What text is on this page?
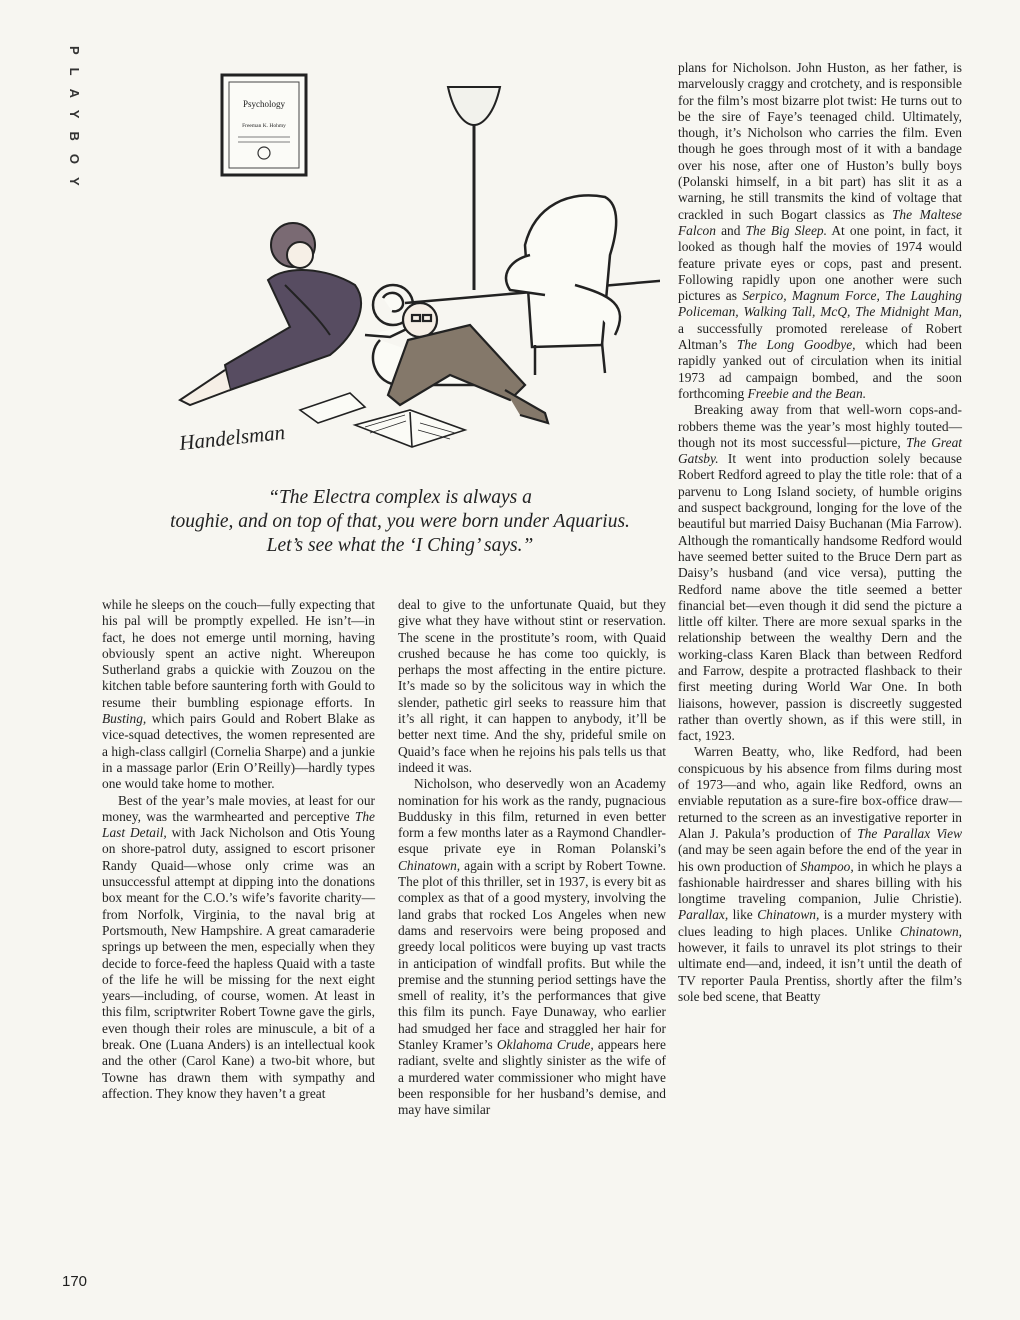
PLAYBOY	Psychology
Freeman K. Hohmy
Handelsman

“The Electra complex is always a

toughie, and on top of that, you were born under Aquarius.

Let’s see what the ‘I Ching’ says.”

while he sleeps on the couch—fully expecting that his pal will be promptly expelled. He isn’t—in fact, he does not emerge until morning, having obviously spent an active night. Whereupon Sutherland grabs a quickie with Zouzou on the kitchen table before sauntering forth with Gould to resume their bumbling espionage efforts. In Busting, which pairs Gould and Robert Blake as vice-squad detectives, the women represented are a high-class callgirl (Cornelia Sharpe) and a junkie in a massage parlor (Erin O’Reilly)—hardly types one would take home to mother.

Best of the year’s male movies, at least for our money, was the warmhearted and perceptive The Last Detail, with Jack Nicholson and Otis Young on shore-patrol duty, assigned to escort prisoner Randy Quaid—whose only crime was an unsuccessful attempt at dipping into the donations box meant for the C.O.’s wife’s favorite charity—from Norfolk, Virginia, to the naval brig at Portsmouth, New Hampshire. A great camaraderie springs up between the men, especially when they decide to force-feed the hapless Quaid with a taste of the life he will be missing for the next eight years—including, of course, women. At least in this film, scriptwriter Robert Towne gave the girls, even though their roles are minuscule, a bit of a break. One (Luana Anders) is an intellectual kook and the other (Carol Kane) a two-bit whore, but Towne has drawn them with sympathy and affection. They know they haven’t a great

deal to give to the unfortunate Quaid, but they give what they have without stint or reservation. The scene in the prostitute’s room, with Quaid crushed because he has come too quickly, is perhaps the most affecting in the entire picture. It’s made so by the solicitous way in which the slender, pathetic girl seeks to reassure him that it’s all right, it can happen to anybody, it’ll be better next time. And the shy, prideful smile on Quaid’s face when he rejoins his pals tells us that indeed it was.

Nicholson, who deservedly won an Academy nomination for his work as the randy, pugnacious Buddusky in this film, returned in even better form a few months later as a Raymond Chandler-esque private eye in Roman Polanski’s Chinatown, again with a script by Robert Towne. The plot of this thriller, set in 1937, is every bit as complex as that of a good mystery, involving the land grabs that rocked Los Angeles when new dams and reservoirs were being proposed and greedy local politicos were buying up vast tracts in anticipation of windfall profits. But while the premise and the stunning period settings have the smell of reality, it’s the performances that give this film its punch. Faye Dunaway, who earlier had smudged her face and straggled her hair for Stanley Kramer’s Oklahoma Crude, appears here radiant, svelte and slightly sinister as the wife of a murdered water commissioner who might have been responsible for her husband’s demise, and may have similar

plans for Nicholson. John Huston, as her father, is marvelously craggy and crotchety, and is responsible for the film’s most bizarre plot twist: He turns out to be the sire of Faye’s teenaged child. Ultimately, though, it’s Nicholson who carries the film. Even though he goes through most of it with a bandage over his nose, after one of Huston’s bully boys (Polanski himself, in a bit part) has slit it as a warning, he still transmits the kind of voltage that crackled in such Bogart classics as The Maltese Falcon and The Big Sleep. At one point, in fact, it looked as though half the movies of 1974 would feature private eyes or cops, past and present. Following rapidly upon one another were such pictures as Serpico, Magnum Force, The Laughing Policeman, Walking Tall, McQ, The Midnight Man, a successfully promoted rerelease of Robert Altman’s The Long Goodbye, which had been rapidly yanked out of circulation when its initial 1973 ad campaign bombed, and the soon forthcoming Freebie and the Bean.

Breaking away from that well-worn cops-and-robbers theme was the year’s most highly touted—though not its most successful—picture, The Great Gatsby. It went into production solely because Robert Redford agreed to play the title role: that of a parvenu to Long Island society, of humble origins and suspect background, longing for the love of the beautiful but married Daisy Buchanan (Mia Farrow). Although the romantically handsome Redford would have seemed better suited to the Bruce Dern part as Daisy’s husband (and vice versa), putting the Redford name above the title seemed a better financial bet—even though it did send the picture a little off kilter. There are more sexual sparks in the relationship between the wealthy Dern and the working-class Karen Black than between Redford and Farrow, despite a protracted flashback to their first meeting during World War One. In both liaisons, however, passion is discreetly suggested rather than overtly shown, as if this were still, in fact, 1923.

Warren Beatty, who, like Redford, had been conspicuous by his absence from films during most of 1973—and who, again like Redford, owns an enviable reputation as a sure-fire box-office draw—returned to the screen as an investigative reporter in Alan J. Pakula’s production of The Parallax View (and may be seen again before the end of the year in his own production of Shampoo, in which he plays a fashionable hairdresser and shares billing with his longtime traveling companion, Julie Christie). Parallax, like Chinatown, is a murder mystery with clues leading to high places. Unlike Chinatown, however, it fails to unravel its plot strings to their ultimate end—and, indeed, it isn’t until the death of TV reporter Paula Prentiss, shortly after the film’s sole bed scene, that Beatty

170
